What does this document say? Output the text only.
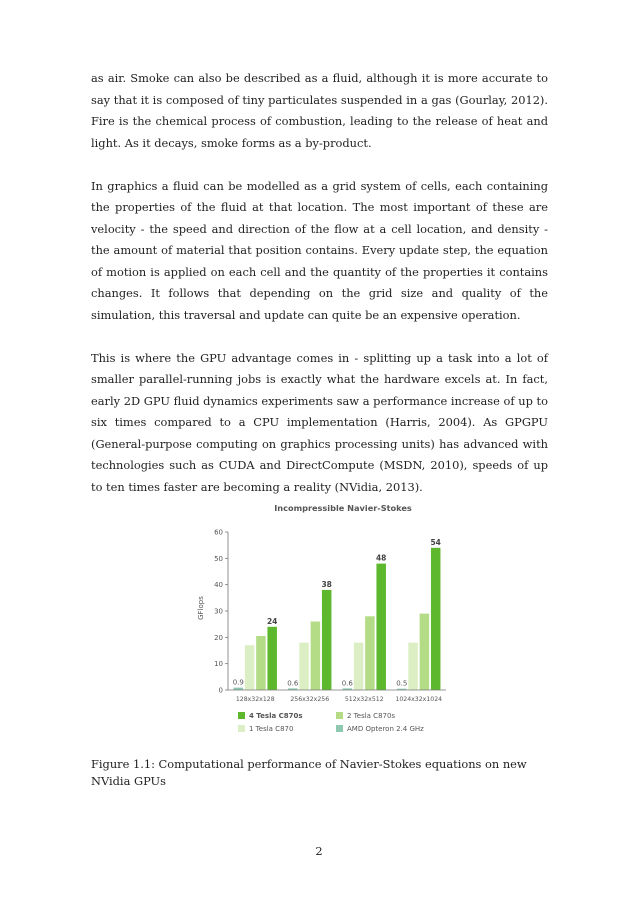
as air. Smoke can also be described as a fluid, although it is more accurate to say that it is composed of tiny particulates suspended in a gas (Gourlay, 2012). Fire is the chemical process of combustion, leading to the release of heat and light. As it decays, smoke forms as a by-product.

In graphics a fluid can be modelled as a grid system of cells, each containing the properties of the fluid at that location. The most important of these are velocity - the speed and direction of the flow at a cell location, and density - the amount of material that position contains. Every update step, the equation of motion is applied on each cell and the quantity of the properties it contains changes. It follows that depending on the grid size and quality of the simulation, this traversal and update can quite be an expensive operation.

This is where the GPU advantage comes in - splitting up a task into a lot of smaller parallel-running jobs is exactly what the hardware excels at. In fact, early 2D GPU fluid dynamics experiments saw a performance increase of up to six times compared to a CPU implementation (Harris, 2004). As GPGPU (General-purpose computing on graphics processing units) has advanced with technologies such as CUDA and DirectCompute (MSDN, 2010), speeds of up to ten times faster are becoming a reality (NVidia, 2013).

Incompressible Navier-Stokes
GFlops
0
10
20
30
40
50
60
0.9
24
0.6
38
0.6
48
0.5
54
128x32x128	256x32x256	512x32x512 1024x32x1024
4 Tesla C870s	2 Tesla C870s
1 Tesla C870	AMD Opteron 2.4 GHz
Figure 1.1: Computational performance of Navier-Stokes equations on new NVidia GPUs
2
